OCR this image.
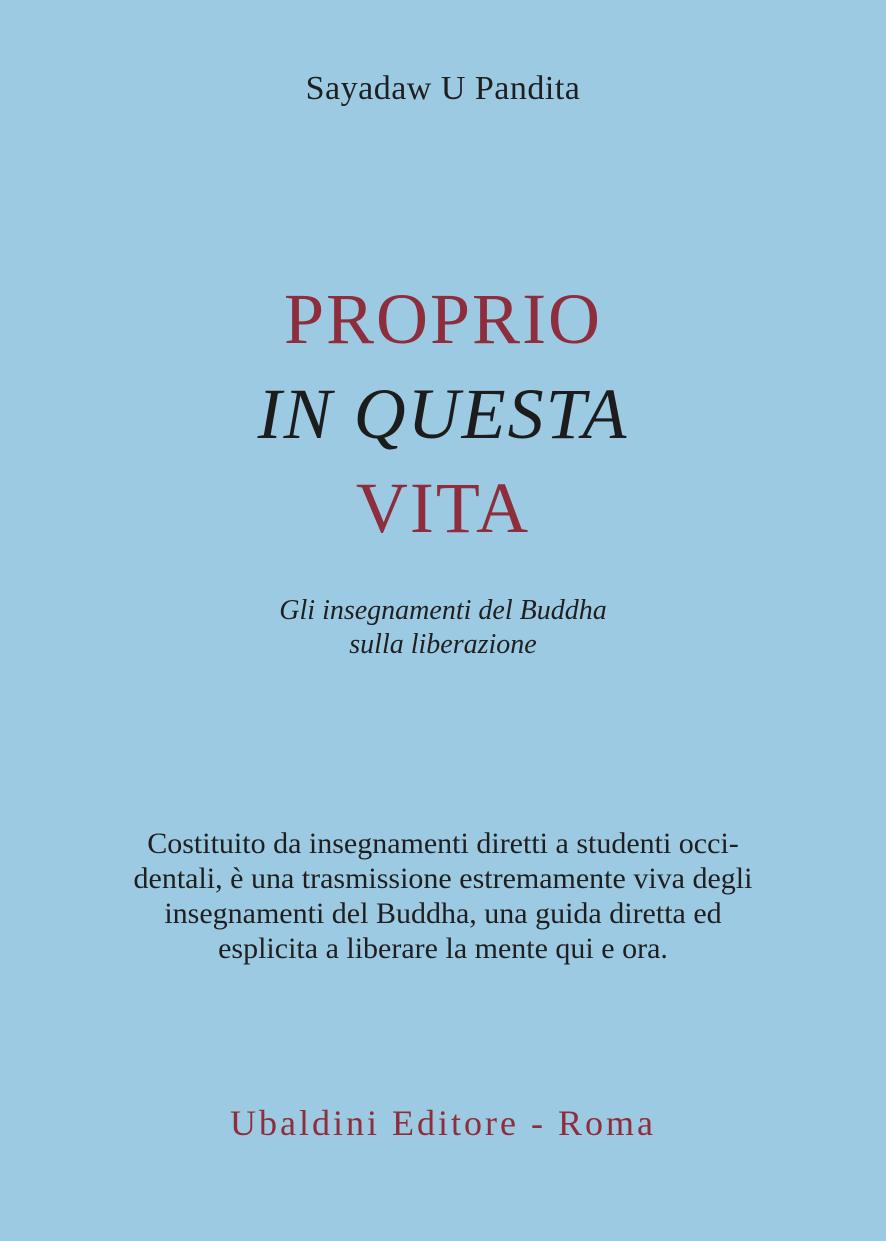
Sayadaw U Pandita
PROPRIO
IN QUESTA
VITA
Gli insegnamenti del Buddha
sulla liberazione
Costituito da insegnamenti diretti a studenti occi-
dentali, è una trasmissione estremamente viva degli
insegnamenti del Buddha, una guida diretta ed
esplicita a liberare la mente qui e ora.
Ubaldini Editore - Roma
